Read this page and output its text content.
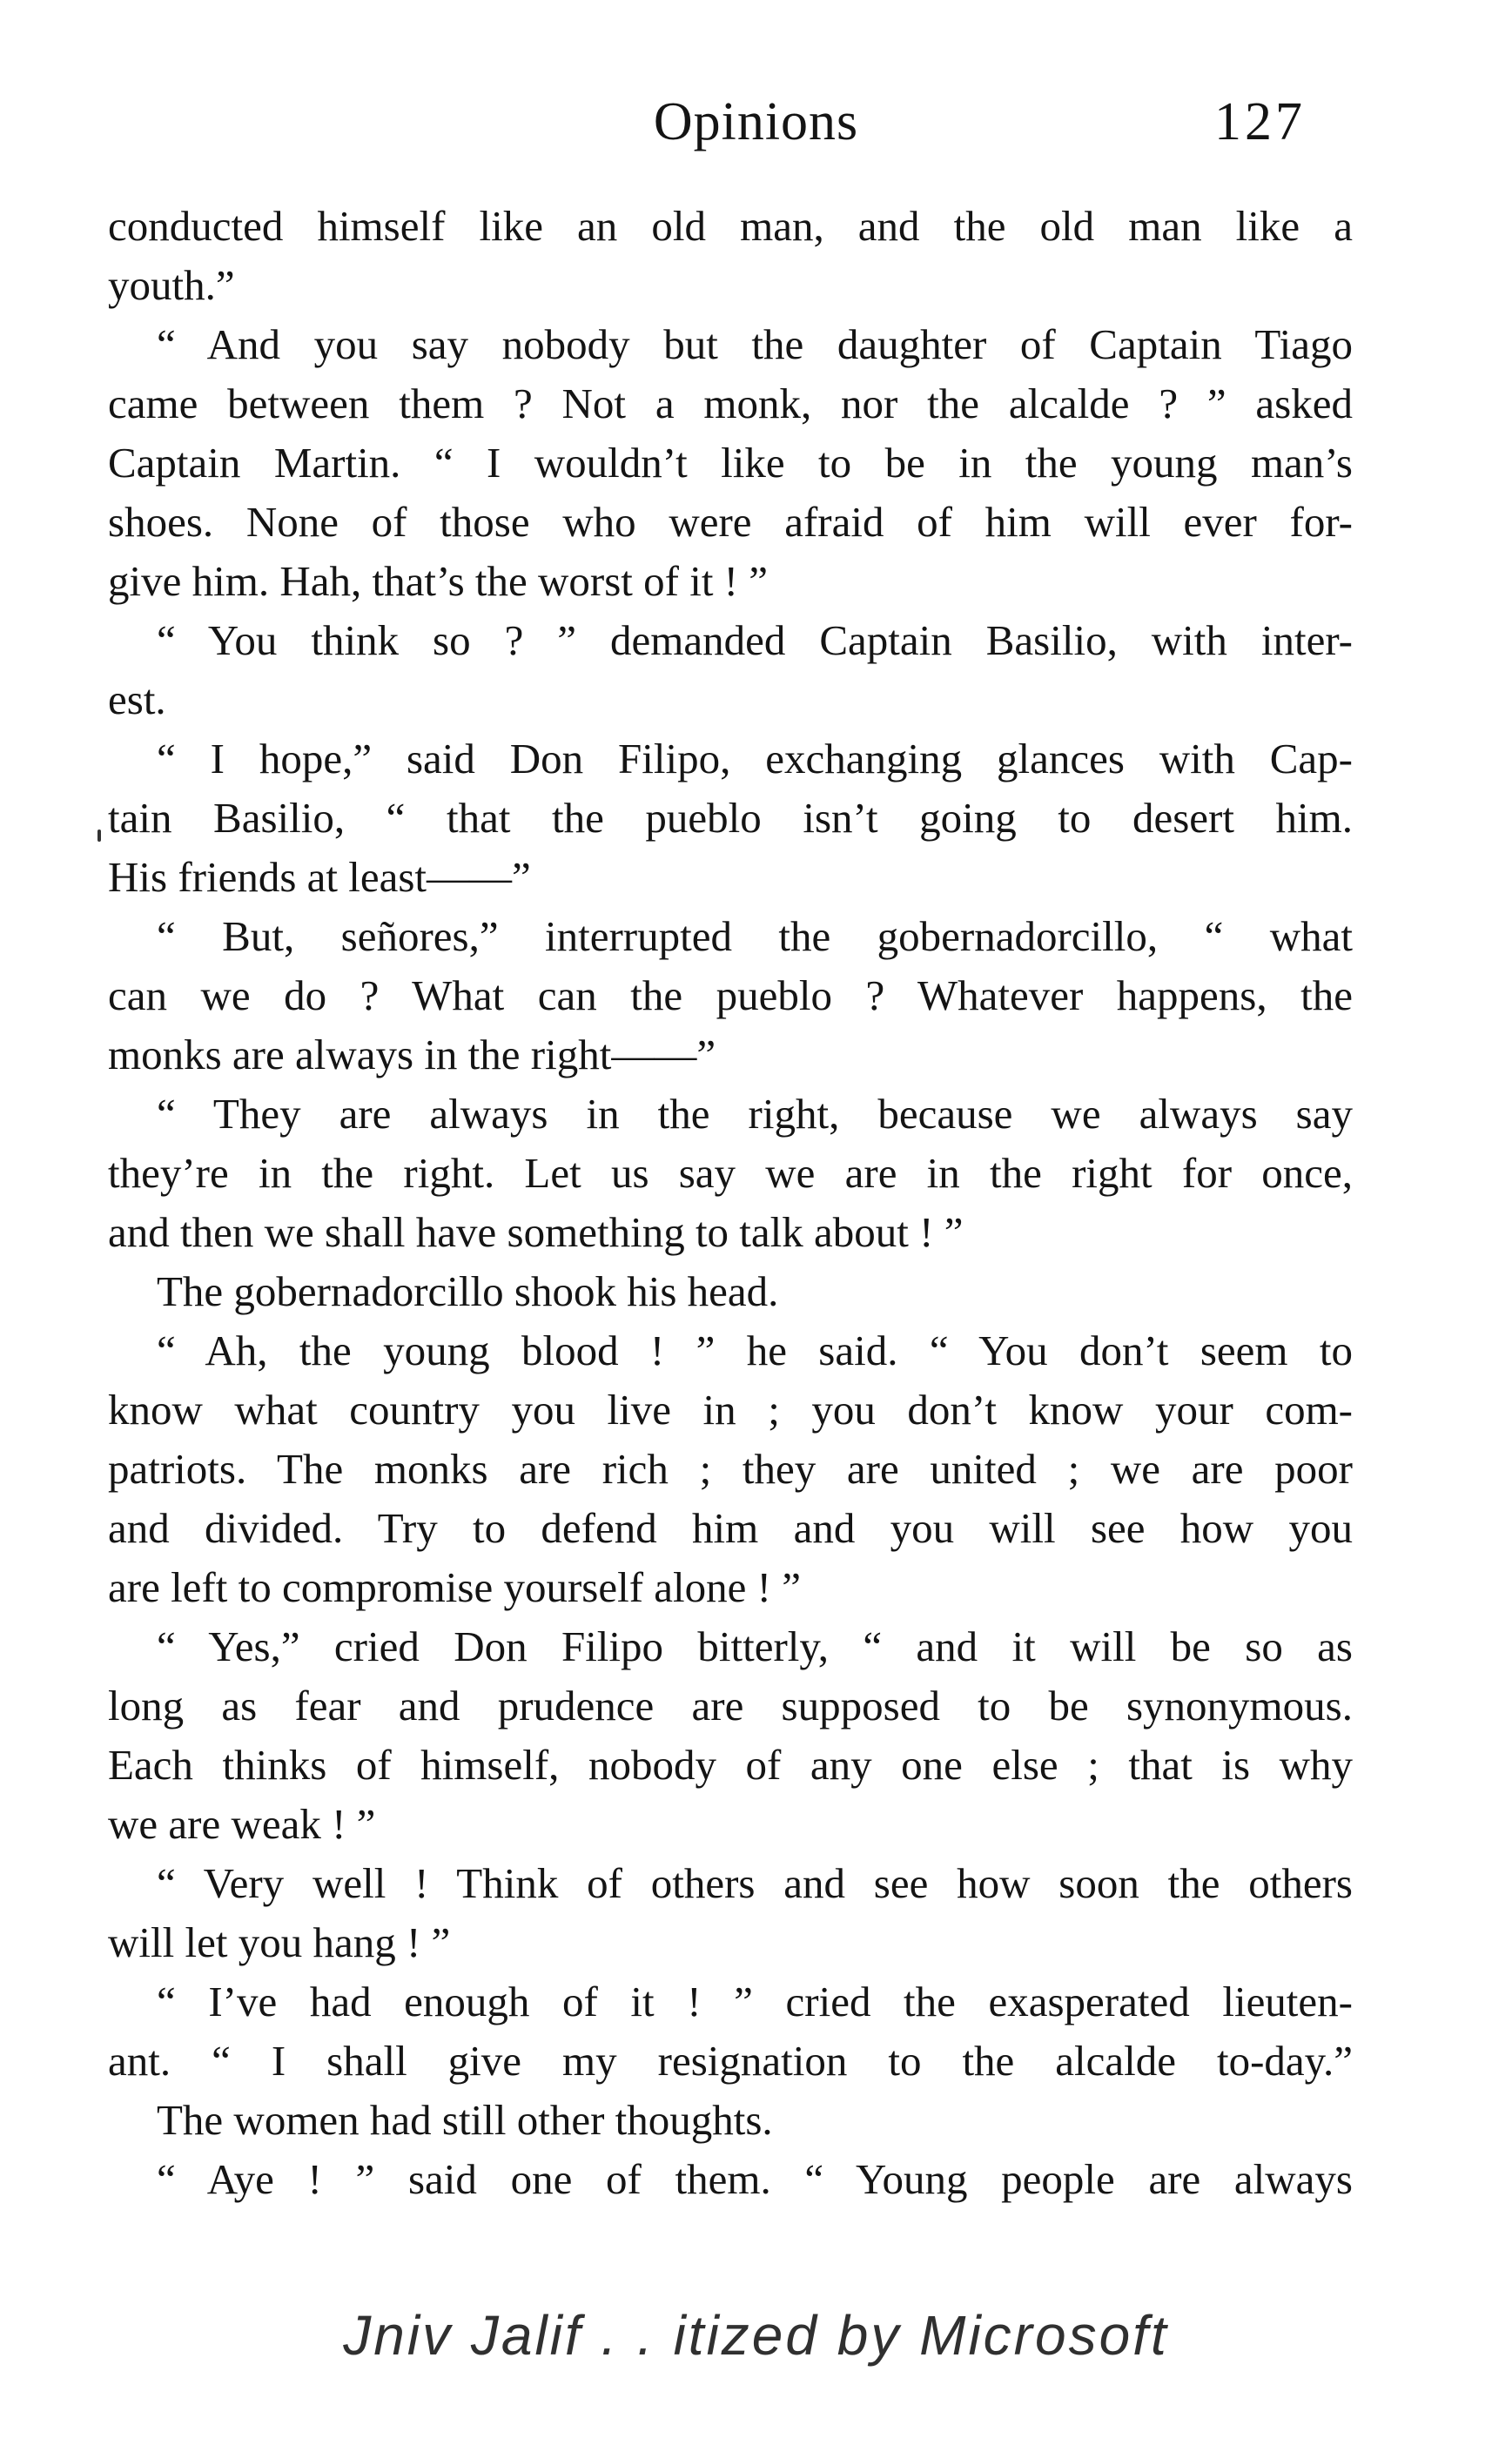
Opinions	127
conducted himself like an old man, and the old man like a
youth.”
“ And you say nobody but the daughter of Captain Tiago
came between them ? Not a monk, nor the alcalde ? ” asked
Captain Martin. “ I wouldn’t like to be in the young man’s
shoes. None of those who were afraid of him will ever for-
give him. Hah, that’s the worst of it ! ”
“ You think so ? ” demanded Captain Basilio, with inter-
est.
“ I hope,” said Don Filipo, exchanging glances with Cap-
tain Basilio, “ that the pueblo isn’t going to desert him.
His friends at least——”
“ But, señores,” interrupted the gobernadorcillo, “ what
can we do ? What can the pueblo ? Whatever happens, the
monks are always in the right——”
“ They are always in the right, because we always say
they’re in the right. Let us say we are in the right for once,
and then we shall have something to talk about ! ”
The gobernadorcillo shook his head.
“ Ah, the young blood ! ” he said. “ You don’t seem to
know what country you live in ; you don’t know your com-
patriots. The monks are rich ; they are united ; we are poor
and divided. Try to defend him and you will see how you
are left to compromise yourself alone ! ”
“ Yes,” cried Don Filipo bitterly, “ and it will be so as
long as fear and prudence are supposed to be synonymous.
Each thinks of himself, nobody of any one else ; that is why
we are weak ! ”
“ Very well ! Think of others and see how soon the others
will let you hang ! ”
“ I’ve had enough of it ! ” cried the exasperated lieuten-
ant. “ I shall give my resignation to the alcalde to-day.”
The women had still other thoughts.
“ Aye ! ” said one of them. “ Young people are always
Jniv Jalif . . itized by Microsoft
